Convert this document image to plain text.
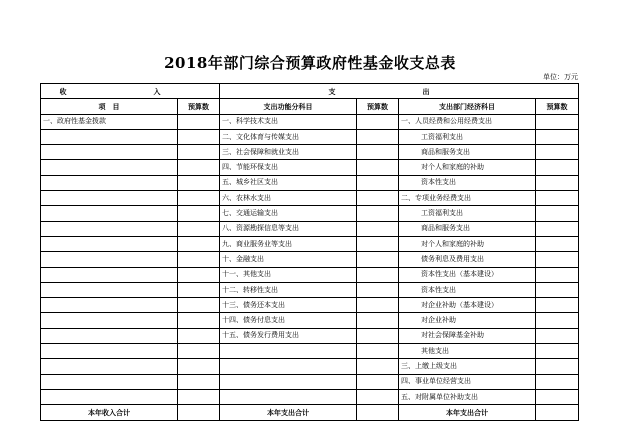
2018年部门综合预算政府性基金收支总表
单位：万元
收　入		支　出			
项　目	预算数	支出功能分科目	预算数	支出部门经济科目	预算数
一、政府性基金拨款		一、科学技术支出		一、人员经费和公用经费支出	
		二、文化体育与传媒支出		工资福利支出	
		三、社会保障和就业支出		商品和服务支出	
		四、节能环保支出		对个人和家庭的补助	
		五、城乡社区支出		资本性支出	
		六、农林水支出		二、专项业务经费支出	
		七、交通运输支出		工资福利支出	
		八、资源勘探信息等支出		商品和服务支出	
		九、商业服务业等支出		对个人和家庭的补助	
		十、金融支出		债务利息及费用支出	
		十一、其他支出		资本性支出（基本建设）	
		十二、转移性支出		资本性支出	
		十三、债务还本支出		对企业补助（基本建设）	
		十四、债务付息支出		对企业补助	
		十五、债务发行费用支出		对社会保障基金补助	
				其他支出	
				三、上缴上级支出	
				四、事业单位经营支出	
				五、对附属单位补助支出	
本年收入合计		本年支出合计		本年支出合计	
